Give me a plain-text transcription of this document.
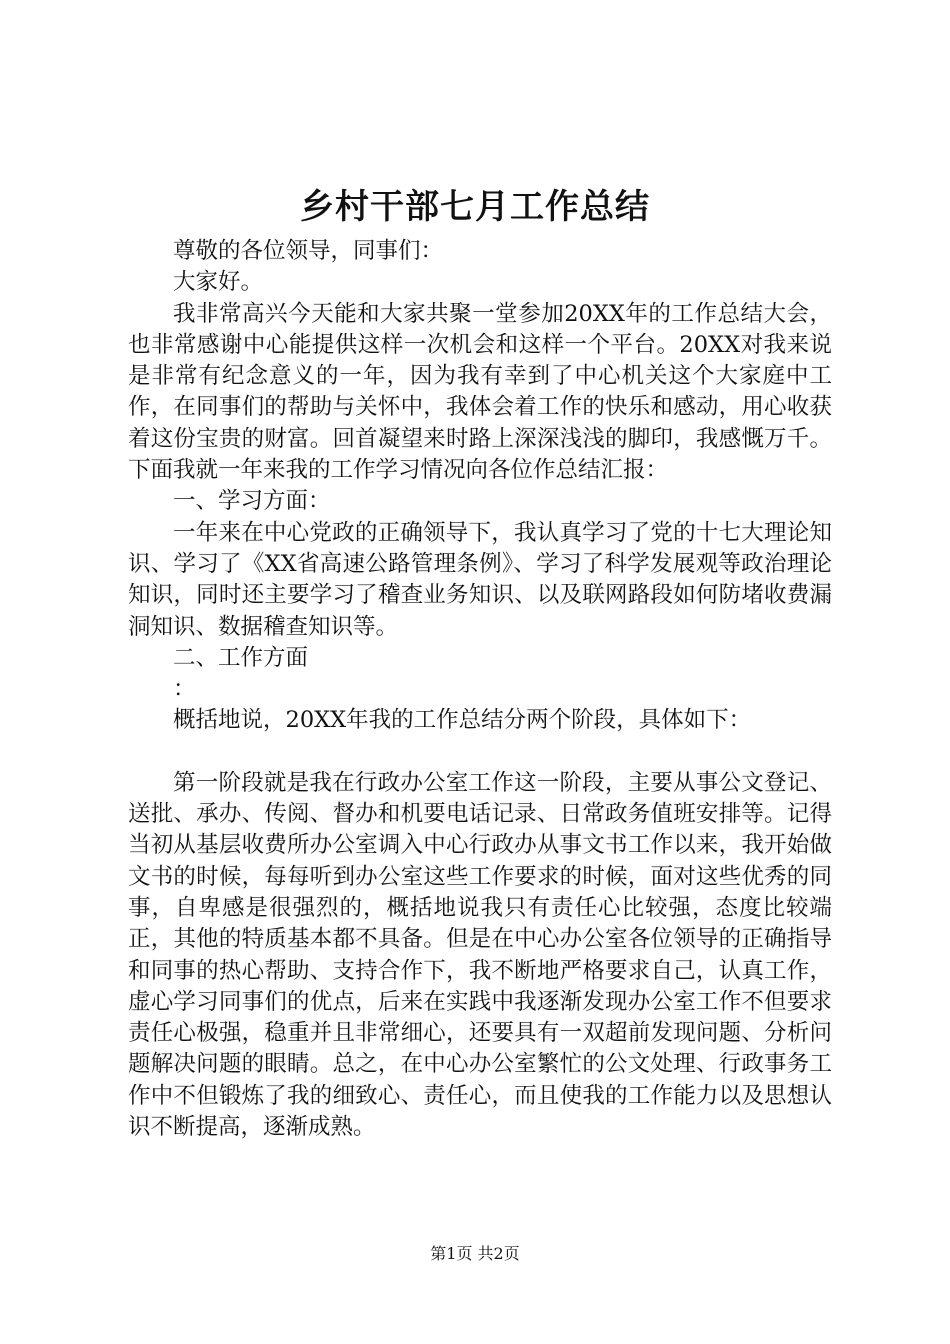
乡村干部七月工作总结

尊敬的各位领导，同事们：

大家好。

我非常高兴今天能和大家共聚一堂参加20XX年的工作总结大会，也非常感谢中心能提供这样一次机会和这样一个平台。20XX对我来说是非常有纪念意义的一年，因为我有幸到了中心机关这个大家庭中工作，在同事们的帮助与关怀中，我体会着工作的快乐和感动，用心收获着这份宝贵的财富。回首凝望来时路上深深浅浅的脚印，我感慨万千。下面我就一年来我的工作学习情况向各位作总结汇报：

一、学习方面：

一年来在中心党政的正确领导下，我认真学习了党的十七大理论知识、学习了《XX省高速公路管理条例》、学习了科学发展观等政治理论知识，同时还主要学习了稽查业务知识、以及联网路段如何防堵收费漏洞知识、数据稽查知识等。

二、工作方面

：

概括地说，20XX年我的工作总结分两个阶段，具体如下：

第一阶段就是我在行政办公室工作这一阶段，主要从事公文登记、送批、承办、传阅、督办和机要电话记录、日常政务值班安排等。记得当初从基层收费所办公室调入中心行政办从事文书工作以来，我开始做文书的时候，每每听到办公室这些工作要求的时候，面对这些优秀的同事，自卑感是很强烈的，概括地说我只有责任心比较强，态度比较端正，其他的特质基本都不具备。但是在中心办公室各位领导的正确指导和同事的热心帮助、支持合作下，我不断地严格要求自己，认真工作，虚心学习同事们的优点，后来在实践中我逐渐发现办公室工作不但要求责任心极强，稳重并且非常细心，还要具有一双超前发现问题、分析问题解决问题的眼睛。总之，在中心办公室繁忙的公文处理、行政事务工作中不但锻炼了我的细致心、责任心，而且使我的工作能力以及思想认识不断提高，逐渐成熟。

第1页 共2页
